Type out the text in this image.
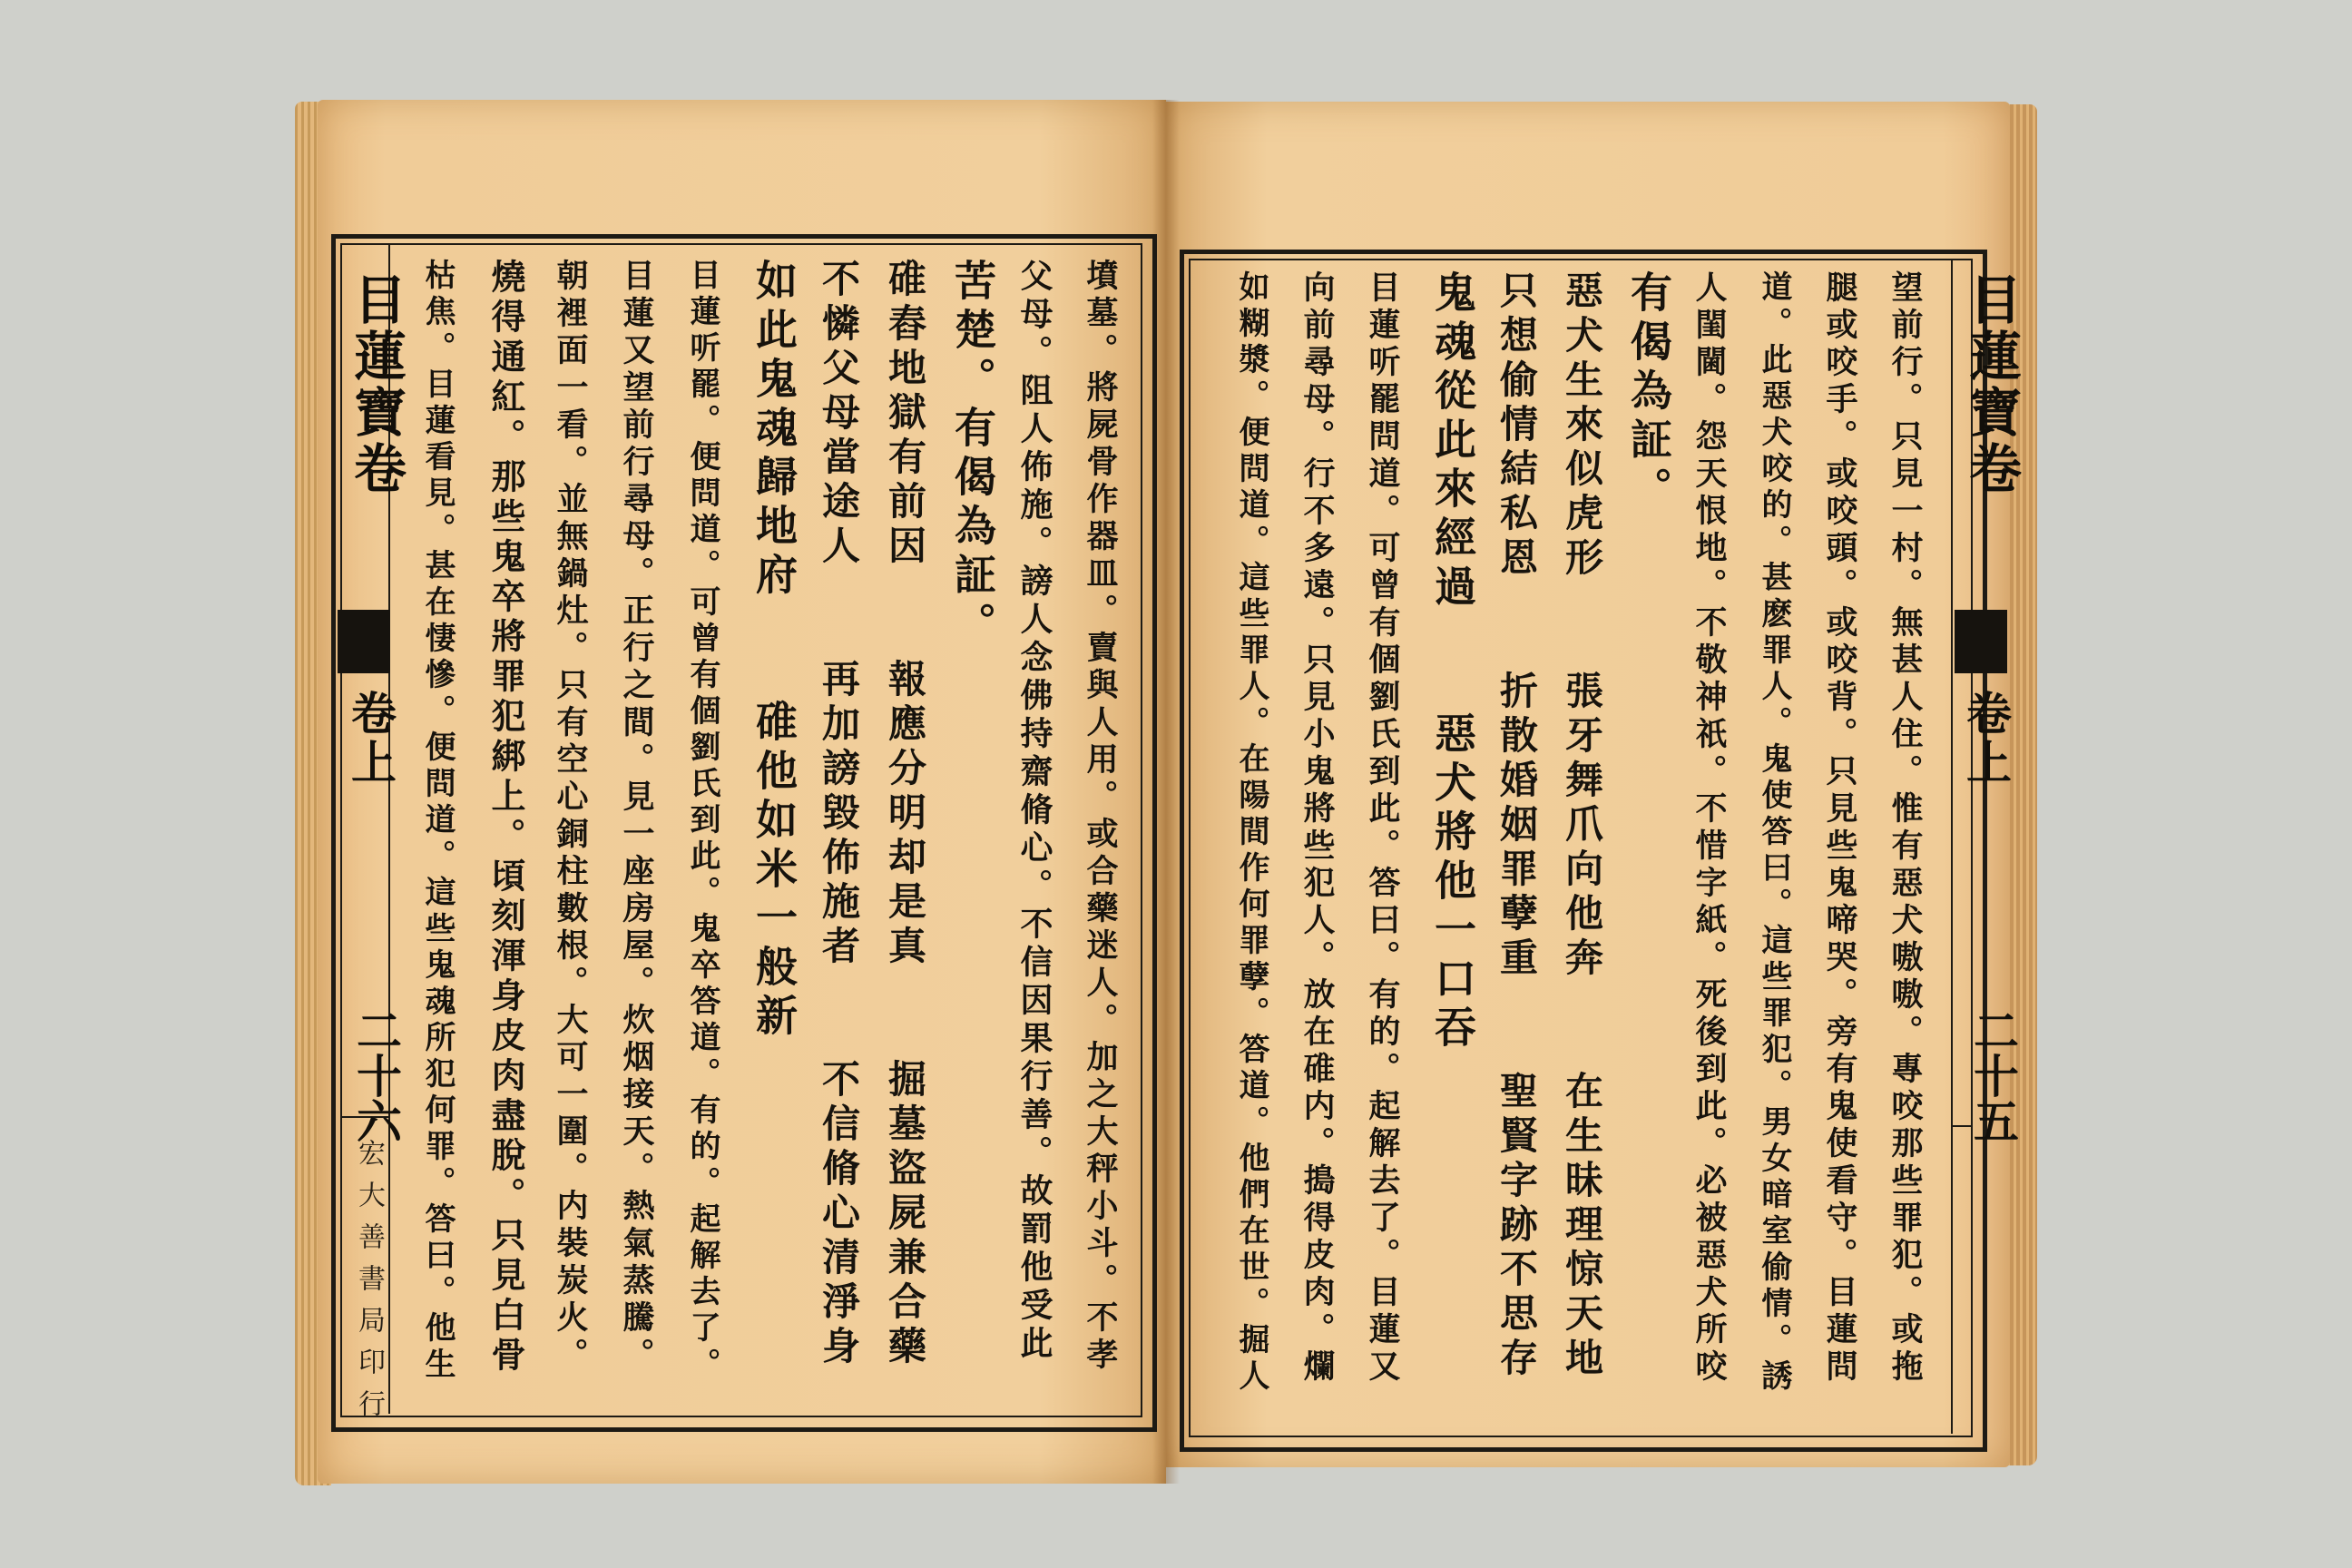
目蓮寶卷
卷上
二十六
宏大善書局印行	墳墓。將屍骨作器皿。賣與人用。或合藥迷人。加之大秤小斗。不孝
父母。阻人佈施。謗人念佛持齋脩心。不信因果行善。故罰他受此
苦楚。有偈為証。
碓舂地獄有前因　　報應分明却是真　　掘墓盜屍兼合藥
不憐父母當途人　　再加謗毀佈施者　　不信脩心清淨身
如此鬼魂歸地府　　碓他如米一般新
目蓮听罷。便問道。可曾有個劉氏到此。鬼卒答道。有的。起解去了。
目蓮又望前行尋母。正行之間。見一座房屋。炊烟接天。熱氣蒸騰。
朝裡面一看。並無鍋灶。只有空心銅柱數根。大可一圍。内裝炭火。
燒得通紅。那些鬼卒將罪犯綁上。頃刻渾身皮肉盡脫。只見白骨
枯焦。目蓮看見。甚在悽慘。便問道。這些鬼魂所犯何罪。答曰。他生	目蓮寶卷
卷上
二十五
望前行。只見一村。無甚人住。惟有惡犬嗷嗷。專咬那些罪犯。或拖
腿或咬手。或咬頭。或咬背。只見些鬼啼哭。旁有鬼使看守。目蓮問
道。此惡犬咬的。甚麽罪人。鬼使答曰。這些罪犯。男女暗室偷情。誘
人閨閫。怨天恨地。不敬神祇。不惜字紙。死後到此。必被惡犬所咬
有偈為証。
惡犬生來似虎形　　張牙舞爪向他奔　　在生昧理惊天地
只想偷情結私恩　　折散婚姻罪孽重　　聖賢字跡不思存
鬼魂從此來經過　　惡犬將他一口吞
目蓮听罷問道。可曾有個劉氏到此。答曰。有的。起解去了。目蓮又
向前尋母。行不多遠。只見小鬼將些犯人。放在碓内。搗得皮肉。爛
如糊漿。便問道。這些罪人。在陽間作何罪孽。答道。他們在世。掘人
